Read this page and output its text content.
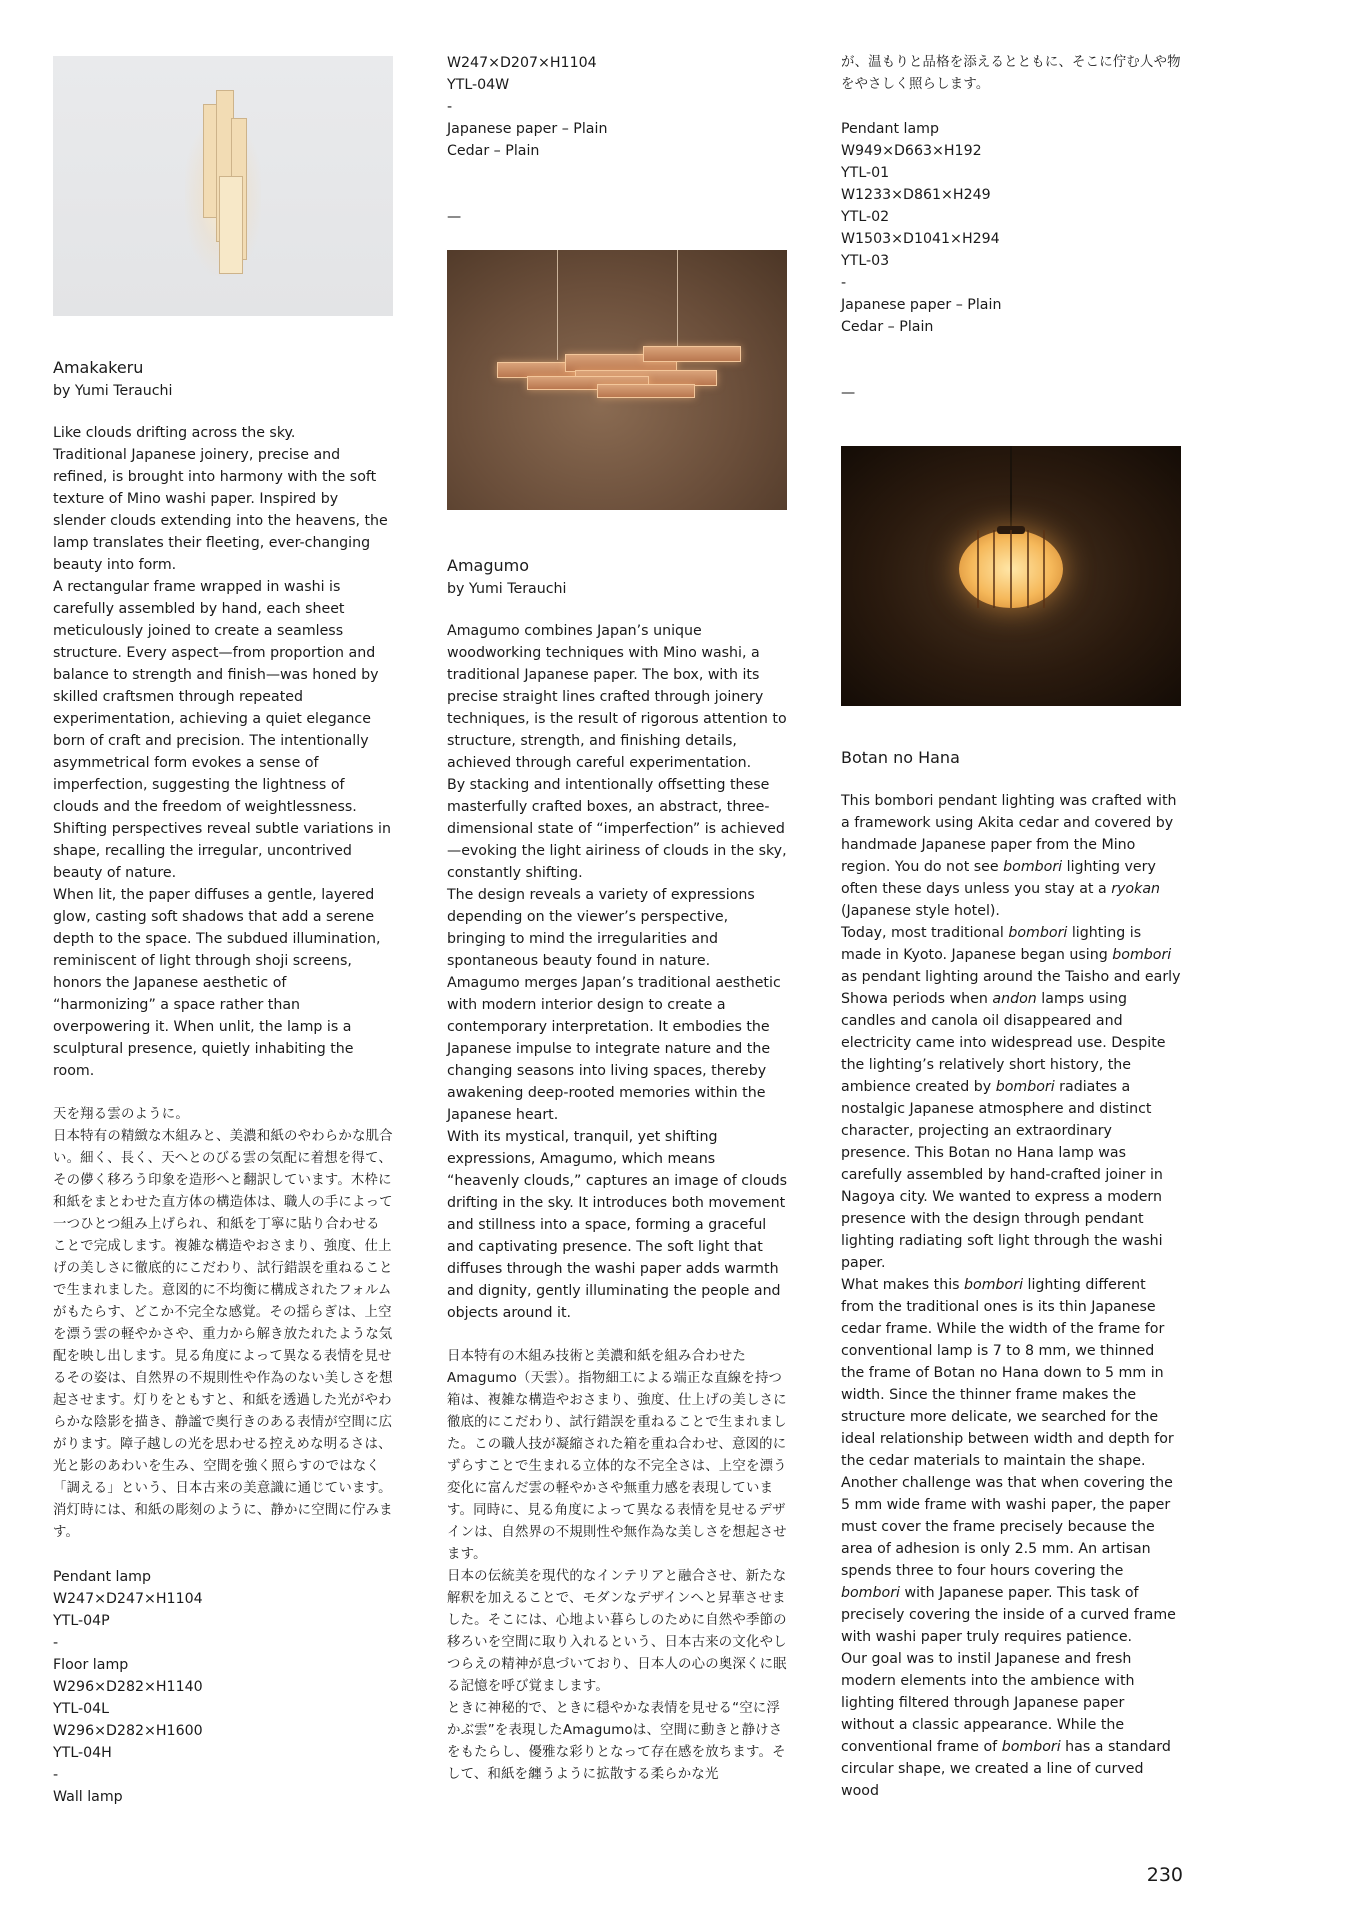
Amakakeru

by Yumi Terauchi

Like clouds drifting across the sky.

Traditional Japanese joinery, precise and refined, is brought into harmony with the soft texture of Mino washi paper. Inspired by slender clouds extending into the heavens, the lamp translates their fleeting, ever-changing beauty into form.

A rectangular frame wrapped in washi is carefully assembled by hand, each sheet meticulously joined to create a seamless structure. Every aspect—from proportion and balance to strength and finish—was honed by skilled craftsmen through repeated experimentation, achieving a quiet elegance born of craft and precision. The intentionally asymmetrical form evokes a sense of imperfection, suggesting the lightness of clouds and the freedom of weightlessness. Shifting perspectives reveal subtle variations in shape, recalling the irregular, uncontrived beauty of nature.

When lit, the paper diffuses a gentle, layered glow, casting soft shadows that add a serene depth to the space. The subdued illumination, reminiscent of light through shoji screens, honors the Japanese aesthetic of “harmonizing” a space rather than overpowering it. When unlit, the lamp is a sculptural presence, quietly inhabiting the room.

天を翔る雲のように。

日本特有の精緻な木組みと、美濃和紙のやわらかな肌合い。細く、長く、天へとのびる雲の気配に着想を得て、その儚く移ろう印象を造形へと翻訳しています。木枠に和紙をまとわせた直方体の構造体は、職人の手によって一つひとつ組み上げられ、和紙を丁寧に貼り合わせることで完成します。複雑な構造やおさまり、強度、仕上げの美しさに徹底的にこだわり、試行錯誤を重ねることで生まれました。意図的に不均衡に構成されたフォルムがもたらす、どこか不完全な感覚。その揺らぎは、上空を漂う雲の軽やかさや、重力から解き放たれたような気配を映し出します。見る角度によって異なる表情を見せるその姿は、自然界の不規則性や作為のない美しさを想起させます。灯りをともすと、和紙を透過した光がやわらかな陰影を描き、静謐で奥行きのある表情が空間に広がります。障子越しの光を思わせる控えめな明るさは、光と影のあわいを生み、空間を強く照らすのではなく「調える」という、日本古来の美意識に通じています。消灯時には、和紙の彫刻のように、静かに空間に佇みます。

Pendant lamp

W247×D247×H1104

YTL-04P

-

Floor lamp

W296×D282×H1140

YTL-04L

W296×D282×H1600

YTL-04H

-

Wall lamp

W247×D207×H1104

YTL-04W

-

Japanese paper – Plain

Cedar – Plain

—

Amagumo

by Yumi Terauchi

Amagumo combines Japan’s unique woodworking techniques with Mino washi, a traditional Japanese paper. The box, with its precise straight lines crafted through joinery techniques, is the result of rigorous attention to structure, strength, and finishing details, achieved through careful experimentation.

By stacking and intentionally offsetting these masterfully crafted boxes, an abstract, three-dimensional state of “imperfection” is achieved—evoking the light airiness of clouds in the sky, constantly shifting.

The design reveals a variety of expressions depending on the viewer’s perspective, bringing to mind the irregularities and spontaneous beauty found in nature. Amagumo merges Japan’s traditional aesthetic with modern interior design to create a contemporary interpretation. It embodies the Japanese impulse to integrate nature and the changing seasons into living spaces, thereby awakening deep-rooted memories within the Japanese heart.

With its mystical, tranquil, yet shifting expressions, Amagumo, which means “heavenly clouds,” captures an image of clouds drifting in the sky. It introduces both movement and stillness into a space, forming a graceful and captivating presence. The soft light that diffuses through the washi paper adds warmth and dignity, gently illuminating the people and objects around it.

日本特有の木組み技術と美濃和紙を組み合わせたAmagumo（天雲）。指物細工による端正な直線を持つ箱は、複雑な構造やおさまり、強度、仕上げの美しさに徹底的にこだわり、試行錯誤を重ねることで生まれました。この職人技が凝縮された箱を重ね合わせ、意図的にずらすことで生まれる立体的な不完全さは、上空を漂う変化に富んだ雲の軽やかさや無重力感を表現しています。同時に、見る角度によって異なる表情を見せるデザインは、自然界の不規則性や無作為な美しさを想起させます。

日本の伝統美を現代的なインテリアと融合させ、新たな解釈を加えることで、モダンなデザインへと昇華させました。そこには、心地よい暮らしのために自然や季節の移ろいを空間に取り入れるという、日本古来の文化やしつらえの精神が息づいており、日本人の心の奥深くに眠る記憶を呼び覚まします。

ときに神秘的で、ときに穏やかな表情を見せる“空に浮かぶ雲”を表現したAmagumoは、空間に動きと静けさをもたらし、優雅な彩りとなって存在感を放ちます。そして、和紙を纏うように拡散する柔らかな光

が、温もりと品格を添えるとともに、そこに佇む人や物をやさしく照らします。

Pendant lamp

W949×D663×H192

YTL-01

W1233×D861×H249

YTL-02

W1503×D1041×H294

YTL-03

-

Japanese paper – Plain

Cedar – Plain

—

Botan no Hana

This bombori pendant lighting was crafted with a framework using Akita cedar and covered by handmade Japanese paper from the Mino region. You do not see bombori lighting very often these days unless you stay at a ryokan (Japanese style hotel).

Today, most traditional bombori lighting is made in Kyoto. Japanese began using bombori as pendant lighting around the Taisho and early Showa periods when andon lamps using candles and canola oil disappeared and electricity came into widespread use. Despite the lighting’s relatively short history, the ambience created by bombori radiates a nostalgic Japanese atmosphere and distinct character, projecting an extraordinary presence. This Botan no Hana lamp was carefully assembled by hand-crafted joiner in Nagoya city. We wanted to express a modern presence with the design through pendant lighting radiating soft light through the washi paper.

What makes this bombori lighting different from the traditional ones is its thin Japanese cedar frame. While the width of the frame for conventional lamp is 7 to 8 mm, we thinned the frame of Botan no Hana down to 5 mm in width. Since the thinner frame makes the structure more delicate, we searched for the ideal relationship between width and depth for the cedar materials to maintain the shape. Another challenge was that when covering the 5 mm wide frame with washi paper, the paper must cover the frame precisely because the area of adhesion is only 2.5 mm. An artisan spends three to four hours covering the bombori with Japanese paper. This task of precisely covering the inside of a curved frame with washi paper truly requires patience.

Our goal was to instil Japanese and fresh modern elements into the ambience with lighting filtered through Japanese paper without a classic appearance. While the conventional frame of bombori has a standard circular shape, we created a line of curved wood

230
